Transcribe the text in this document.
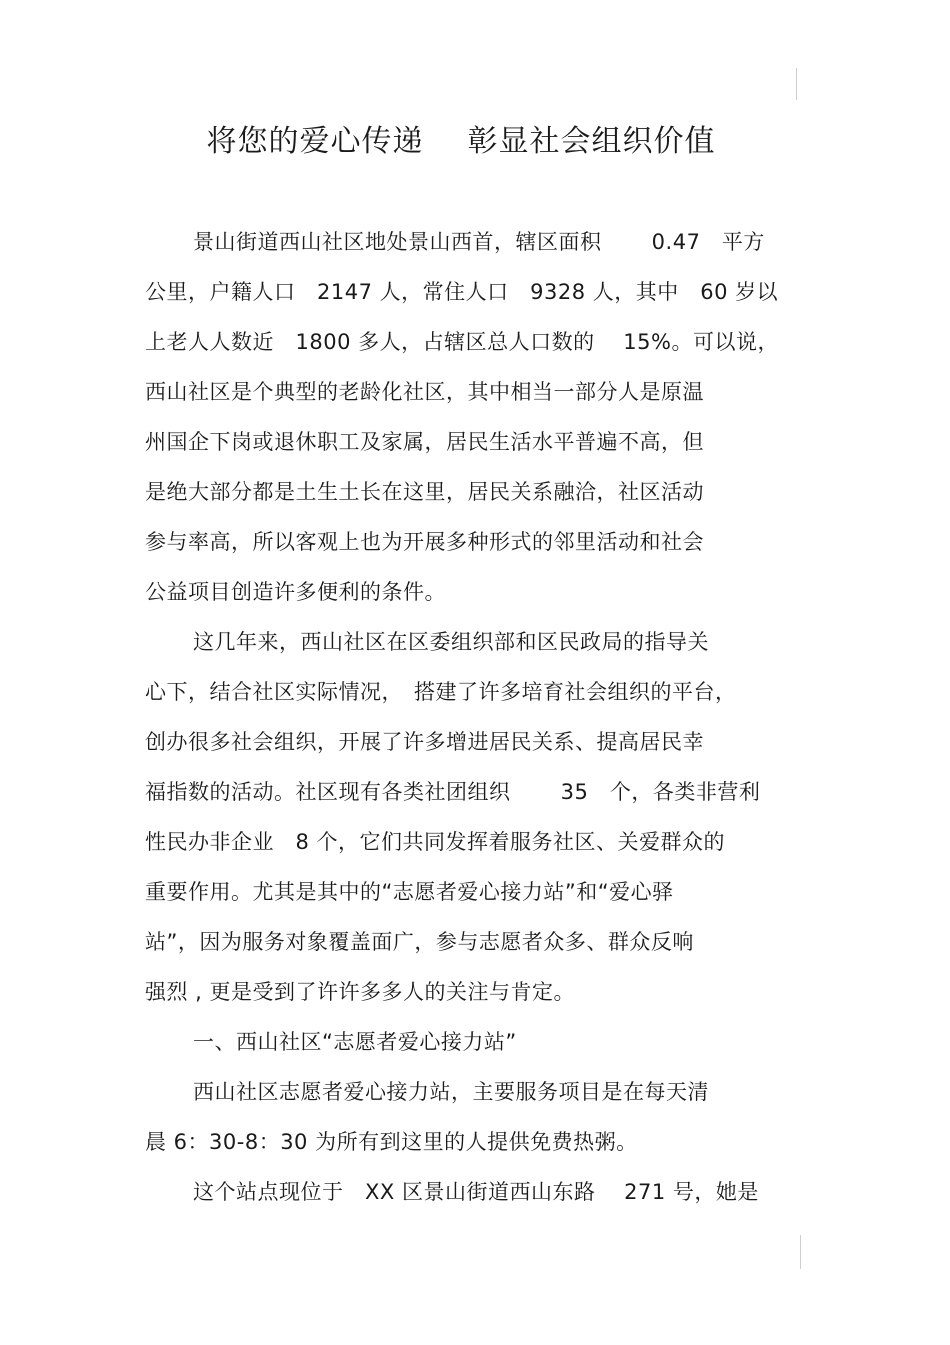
将您的爱心传递 彰显社会组织价值
景山街道西山社区地处景山西首，辖区面积　　 0.47　平方
公里，户籍人口　2147 人，常住人口　9328 人，其中　60 岁以
上老人人数近　1800 多人，占辖区总人口数的　 15%。可以说，
西山社区是个典型的老龄化社区，其中相当一部分人是原温
州国企下岗或退休职工及家属，居民生活水平普遍不高，但
是绝大部分都是土生土长在这里，居民关系融洽，社区活动
参与率高，所以客观上也为开展多种形式的邻里活动和社会
公益项目创造许多便利的条件。
这几年来，西山社区在区委组织部和区民政局的指导关
心下，结合社区实际情况，　搭建了许多培育社会组织的平台，
创办很多社会组织，开展了许多增进居民关系、提高居民幸
福指数的活动。社区现有各类社团组织　　 35　个，各类非营利
性民办非企业　8 个，它们共同发挥着服务社区、关爱群众的
重要作用。尤其是其中的“志愿者爱心接力站”和“爱心驿
站”，因为服务对象覆盖面广，参与志愿者众多、群众反响
强烈 , 更是受到了许许多多人的关注与肯定。
一、西山社区“志愿者爱心接力站”
西山社区志愿者爱心接力站，主要服务项目是在每天清
晨 6：30-8：30 为所有到这里的人提供免费热粥。
这个站点现位于　XX 区景山街道西山东路　 271 号，她是
